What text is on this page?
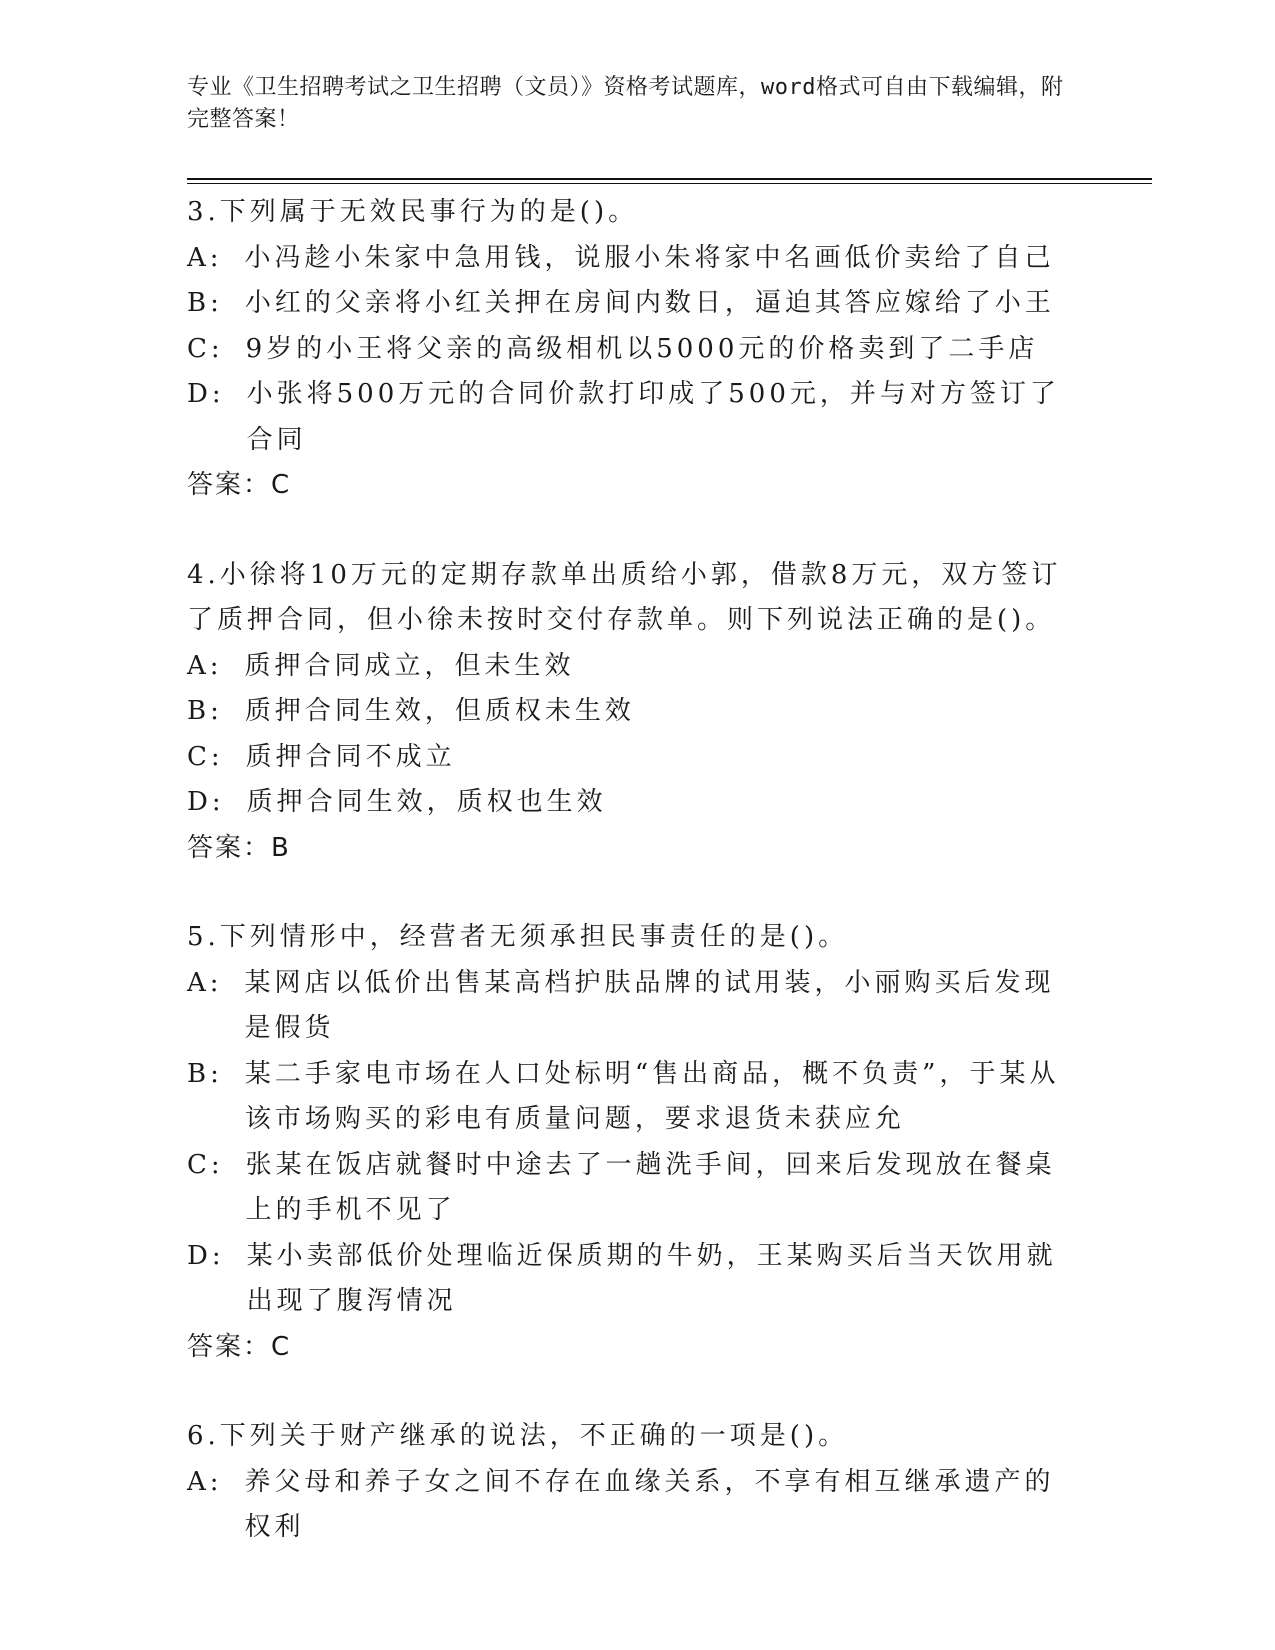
专业《卫生招聘考试之卫生招聘（文员）》资格考试题库，word格式可自由下载编辑，附完整答案！
3.下列属于无效民事行为的是()。
A: 小冯趁小朱家中急用钱，说服小朱将家中名画低价卖给了自己
B: 小红的父亲将小红关押在房间内数日，逼迫其答应嫁给了小王
C: 9岁的小王将父亲的高级相机以5000元的价格卖到了二手店
D: 小张将500万元的合同价款打印成了500元，并与对方签订了合同
答案：C
4.小徐将10万元的定期存款单出质给小郭，借款8万元，双方签订了质押合同，但小徐未按时交付存款单。则下列说法正确的是()。
A: 质押合同成立，但未生效
B: 质押合同生效，但质权未生效
C: 质押合同不成立
D: 质押合同生效，质权也生效
答案：B
5.下列情形中，经营者无须承担民事责任的是()。
A: 某网店以低价出售某高档护肤品牌的试用装，小丽购买后发现是假货
B: 某二手家电市场在人口处标明“售出商品，概不负责”，于某从该市场购买的彩电有质量问题，要求退货未获应允
C: 张某在饭店就餐时中途去了一趟洗手间，回来后发现放在餐桌上的手机不见了
D: 某小卖部低价处理临近保质期的牛奶，王某购买后当天饮用就出现了腹泻情况
答案：C
6.下列关于财产继承的说法，不正确的一项是()。
A: 养父母和养子女之间不存在血缘关系，不享有相互继承遗产的权利
